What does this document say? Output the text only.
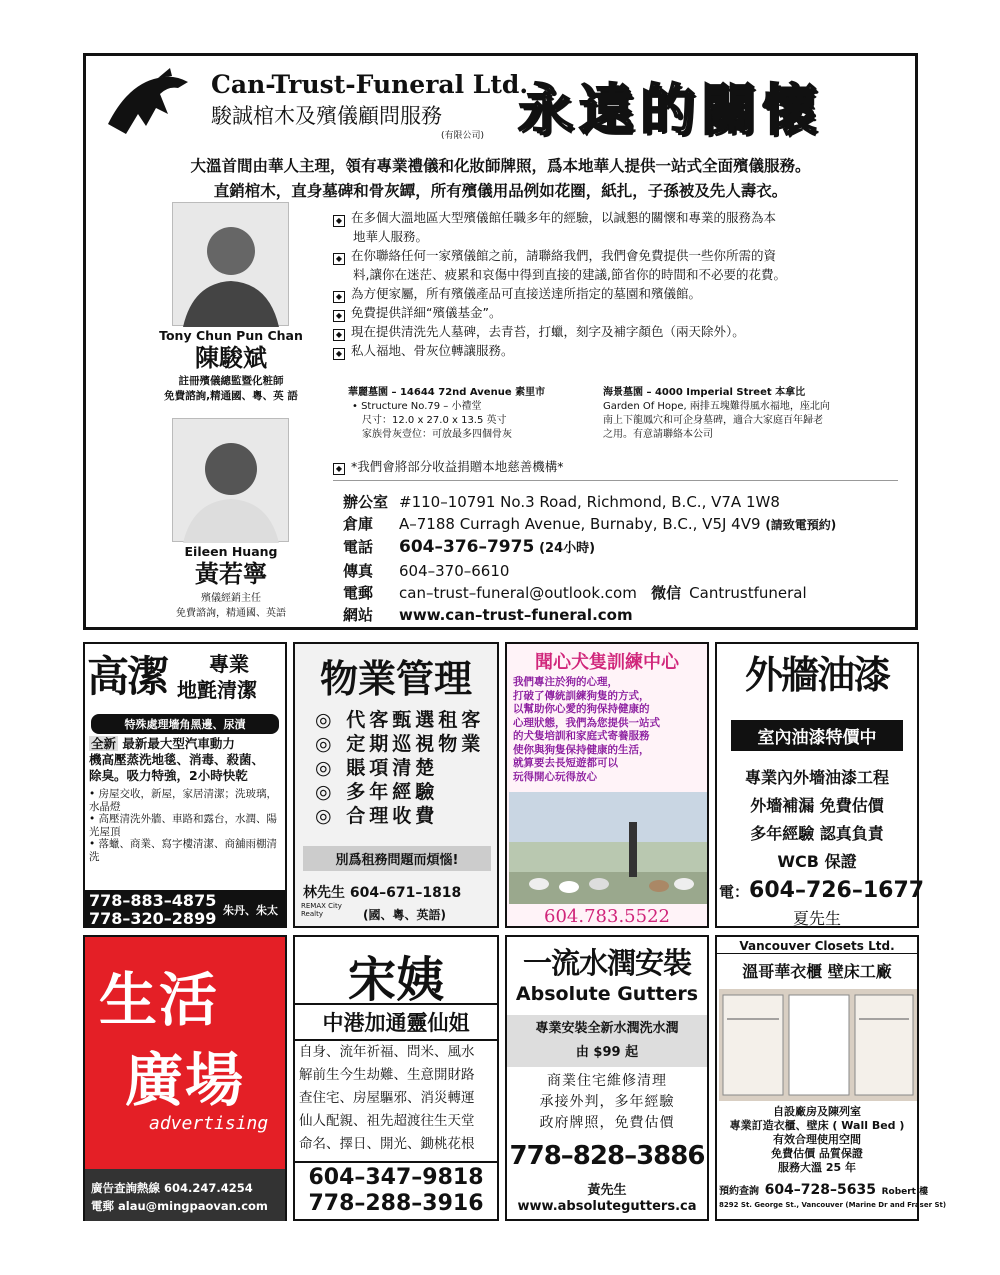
Can-Trust-Funeral Ltd.
駿誠棺木及殯儀顧問服務
(有限公司) 永遠的關懷
大溫首間由華人主理，領有專業禮儀和化妝師牌照，爲本地華人提供一站式全面殯儀服務。
直銷棺木，直身墓碑和骨灰罈，所有殯儀用品例如花圈，紙扎，子孫被及先人壽衣。
Tony Chun Pun Chan
陳駿斌
註冊殯儀總監暨化粧師
免費諮詢,精通國、粵、英 語
Eileen Huang
黃若寧
殯儀經銷主任
免費諮詢，精通國、英語
◆ 在多個大溫地區大型殯儀館任職多年的經驗，以誠懇的關懷和專業的服務為本
地華人服務。
◆ 在你聯絡任何一家殯儀館之前，請聯絡我們，我們會免費提供一些你所需的資
料,讓你在迷茫、疲累和哀傷中得到直接的建議,節省你的時間和不必要的花費。
◆ 為方便家屬，所有殯儀產品可直接送達所指定的墓園和殯儀館。
◆ 免費提供詳細“殯儀基金”。
◆ 現在提供清洗先人墓碑，去青苔，打蠟，刻字及補字顏色（兩天除外）。
◆ 私人福地、骨灰位轉讓服務。
華麗墓園 – 14644 72nd Avenue 素里市
• Structure No.79 – 小禮堂
尺寸：12.0 x 27.0 x 13.5 英寸
家族骨灰壹位：可放最多四個骨灰
海景墓園 – 4000 Imperial Street 本拿比
Garden Of Hope, 兩排五塊難得風水福地，座北向
南上下龍鳳穴和可企身墓碑，適合大家庭百年歸老
之用。有意請聯絡本公司
◆ *我們會將部分收益捐贈本地慈善機構*
辦公室 #110–10791 No.3 Road, Richmond, B.C., V7A 1W8
倉庫 A–7188 Curragh Avenue, Burnaby, B.C., V5J 4V9 (請致電預約)
電話 604–376–7975 (24小時)
傳真 604–370–6610
電郵 can–trust–funeral@outlook.com 微信 Cantrustfuneral
網站 www.can–trust–funeral.com
高潔 專業
地氈清潔
特殊處理墻角黑邊、尿漬
全新 最新最大型汽車動力
機高壓蒸洗地毯、消毒、殺菌、
除臭。吸力特強，2小時快乾
• 房屋交收，新屋，家居清潔；洗玻璃，水晶燈
• 高壓清洗外牆、車路和露台，水潤、陽光屋頂
• 落蠟、商業、寫字樓清潔、商舖雨棚清洗
778–883–4875
778–320–2899 朱丹、朱太
物業管理
◎ 代客甄選租客
◎ 定期巡視物業
◎ 賬項清楚
◎ 多年經驗
◎ 合理收費
別爲租務問題而煩惱!
林先生 604–671–1818
REMAX City Realty	(國、粵、英語)
聞心犬隻訓練中心
我們專注於狗的心理，
打破了傳統訓練狗隻的方式，
以幫助你心愛的狗保持健康的
心理狀態，我們為您提供一站式
的犬隻培訓和家庭式寄養服務
使你與狗隻保持健康的生活，
就算要去長短遊都可以
玩得開心玩得放心
604.783.5522
外牆油漆
室內油漆特價中
專業內外墻油漆工程
外墻補漏 免費估價
多年經驗 認真負責
WCB 保證
電：604–726–1677
夏先生
生活
廣場
advertising
廣告查詢熱線 604.247.4254
電郵 alau@mingpaovan.com
宋姨
中港加通靈仙姐
自身、流年祈福、問米、風水
解前生今生劫難、生意開財路
查住宅、房屋驅邪、消災轉運
仙人配親、祖先超渡往生天堂
命名、擇日、開光、鋤桃花根
604–347–9818
778–288–3916
一流水潤安裝
Absolute Gutters
專業安裝全新水潤洗水潤
由 $99 起
商業住宅維修清理
承接外判，多年經驗
政府牌照，免費估價
778–828–3886
黃先生
www.absolutegutters.ca
Vancouver Closets Ltd.
溫哥華衣櫃 壁床工廠
自設廠房及陳列室
專業訂造衣櫃、壁床 ( Wall Bed )
有效合理使用空間
免費估價 品質保證
服務大溫 25 年
預約查詢 604–728–5635 Robert 樓
8292 St. George St., Vancouver (Marine Dr and Fraser St)
